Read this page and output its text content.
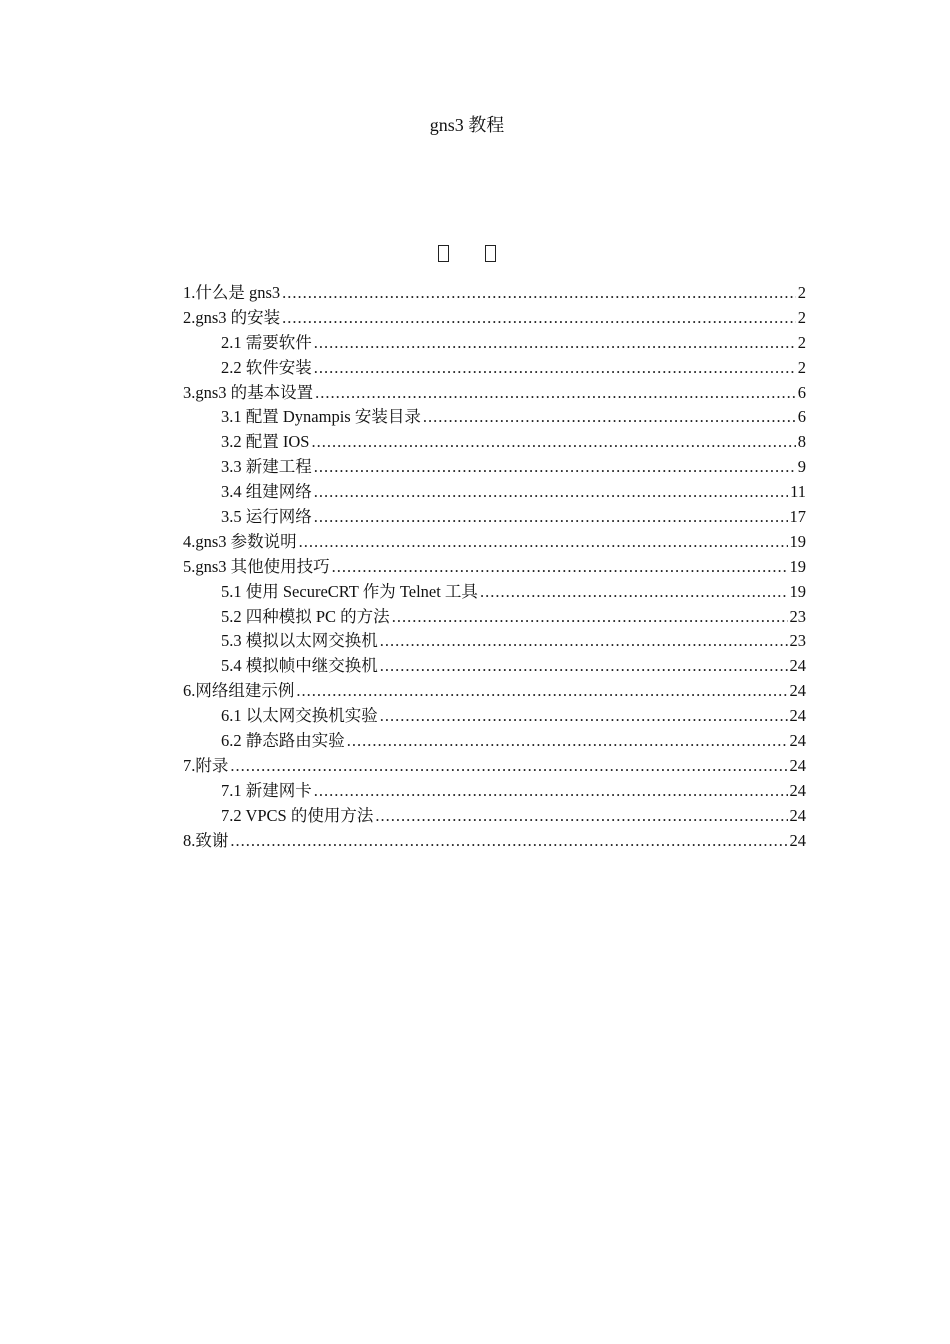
gns3 教程
1.什么是 gns3 .....	2
2.gns3 的安装 .....	2
2.1 需要软件 .....	2
2.2 软件安装 .....	2
3.gns3 的基本设置 .....	6
3.1 配置 Dynampis 安装目录 .....	6
3.2 配置 IOS .....	8
3.3 新建工程 .....	9
3.4 组建网络 .....	11
3.5 运行网络 .....	17
4.gns3 参数说明 .....	19
5.gns3 其他使用技巧 .....	19
5.1 使用 SecureCRT 作为 Telnet 工具 .....	19
5.2 四种模拟 PC 的方法 .....	23
5.3 模拟以太网交换机 .....	23
5.4 模拟帧中继交换机 .....	24
6.网络组建示例 .....	24
6.1 以太网交换机实验 .....	24
6.2 静态路由实验 .....	24
7.附录 .....	24
7.1 新建网卡 .....	24
7.2 VPCS 的使用方法 .....	24
8.致谢 .....	24
